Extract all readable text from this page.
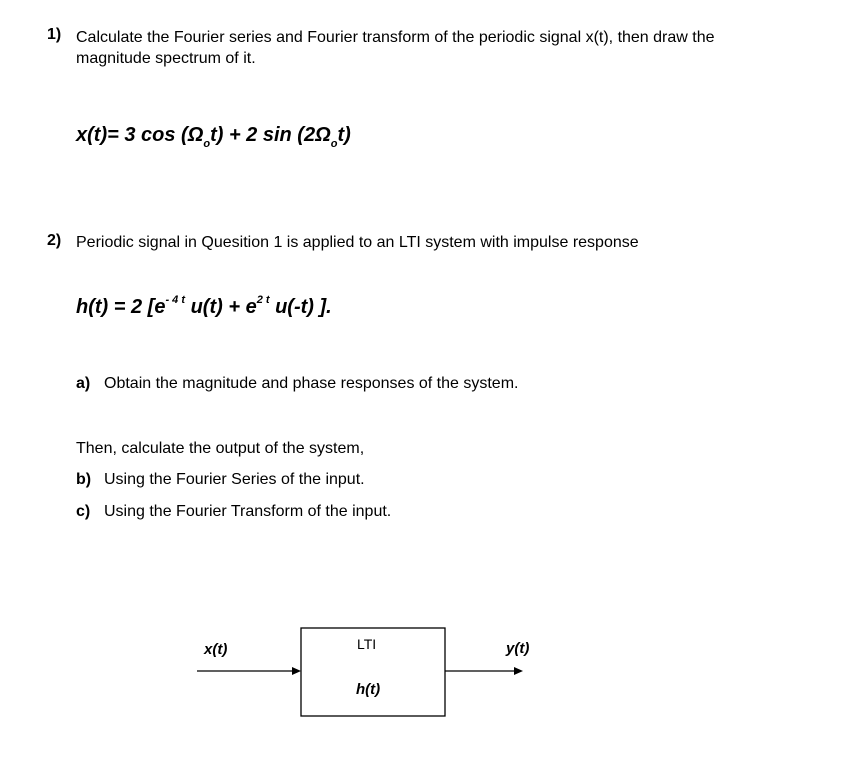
1) Calculate the Fourier series and Fourier transform of the periodic signal x(t), then draw the
magnitude spectrum of it.
x(t)= 3 $\cos (\Omega_ot) + 2$ $\sin (2\Omega_ot)$
2) Periodic signal in Quesition 1 is applied to an LTI system with impulse response
h(t) = 2 [$e^{- 4 t}$ $u(t) + e^{2 t}$ u(-t) ].
a) Obtain the magnitude and phase responses of the system.
Then, calculate the output of the system,
b) Using the Fourier Series of the input.
c) Using the Fourier Transform of the input.
x(t)	LTI
h(t)
y(t)
